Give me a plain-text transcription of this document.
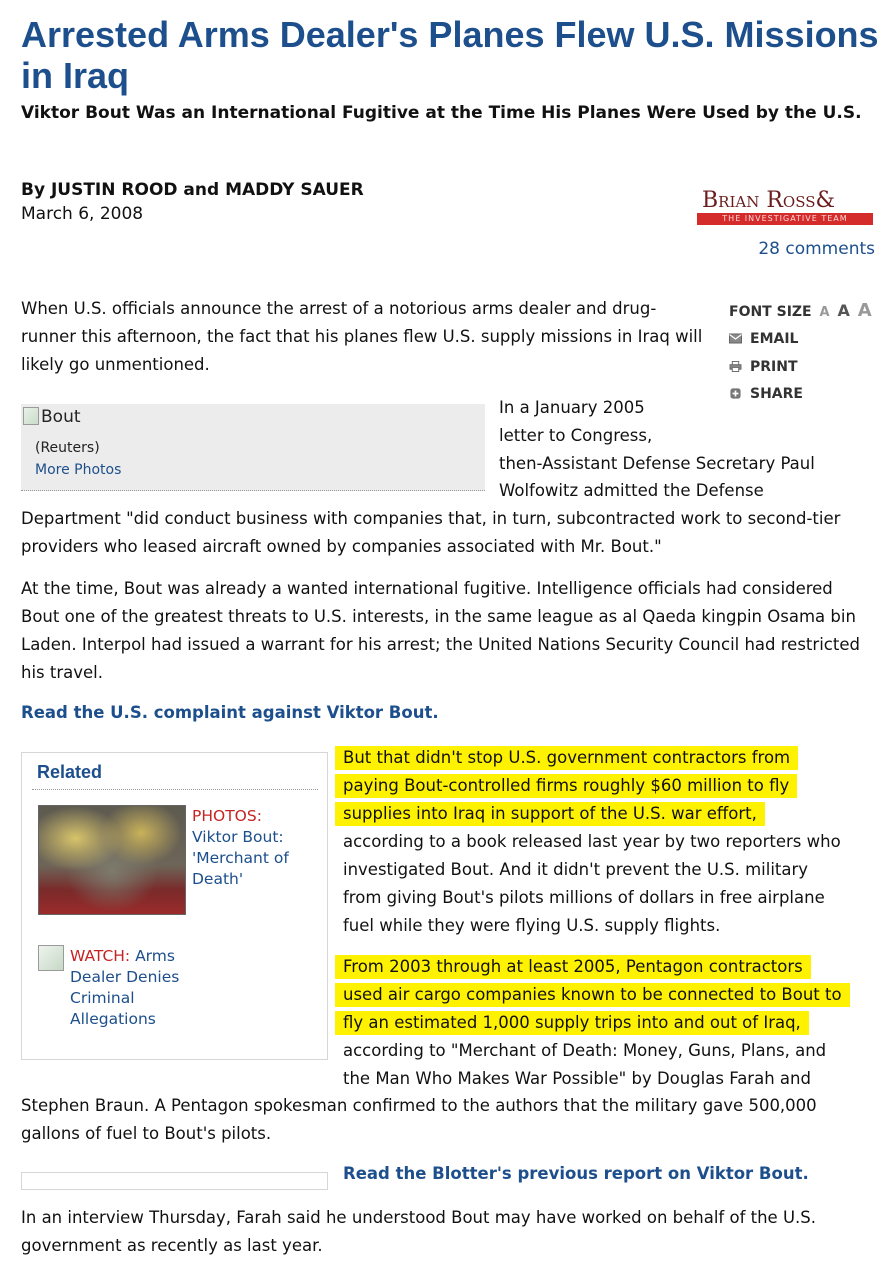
Arrested Arms Dealer's Planes Flew U.S. Missions in Iraq
Viktor Bout Was an International Fugitive at the Time His Planes Were Used by the U.S.
By JUSTIN ROOD and MADDY SAUER
March 6, 2008
Brian Ross&
THE INVESTIGATIVE TEAM
28 comments

When U.S. officials announce the arrest of a notorious arms dealer and drug-runner this afternoon, the fact that his planes flew U.S. supply missions in Iraq will likely go unmentioned.

FONT SIZE A A A
EMAIL
PRINT
SHARE
Bout
(Reuters)
More Photos
In a January 2005
letter to Congress,
then-Assistant Defense Secretary Paul
Wolfowitz admitted the Defense

Department "did conduct business with companies that, in turn, subcontracted work to second-tier providers who leased aircraft owned by companies associated with Mr. Bout."

At the time, Bout was already a wanted international fugitive. Intelligence officials had considered Bout one of the greatest threats to U.S. interests, in the same league as al Qaeda kingpin Osama bin Laden. Interpol had issued a warrant for his arrest; the United Nations Security Council had restricted his travel.

Read the U.S. complaint against Viktor Bout.
Related
PHOTOS:
Viktor Bout:
'Merchant of
Death'
WATCH: Arms
Dealer Denies
Criminal
Allegations
But that didn't stop U.S. government contractors from
paying Bout-controlled firms roughly $60 million to fly
supplies into Iraq in support of the U.S. war effort,
according to a book released last year by two reporters who
investigated Bout. And it didn't prevent the U.S. military
from giving Bout's pilots millions of dollars in free airplane
fuel while they were flying U.S. supply flights.
From 2003 through at least 2005, Pentagon contractors
used air cargo companies known to be connected to Bout to
fly an estimated 1,000 supply trips into and out of Iraq,
according to "Merchant of Death: Money, Guns, Plans, and
the Man Who Makes War Possible" by Douglas Farah and

Stephen Braun. A Pentagon spokesman confirmed to the authors that the military gave 500,000 gallons of fuel to Bout's pilots.

Read the Blotter's previous report on Viktor Bout.

In an interview Thursday, Farah said he understood Bout may have worked on behalf of the U.S. government as recently as last year.
